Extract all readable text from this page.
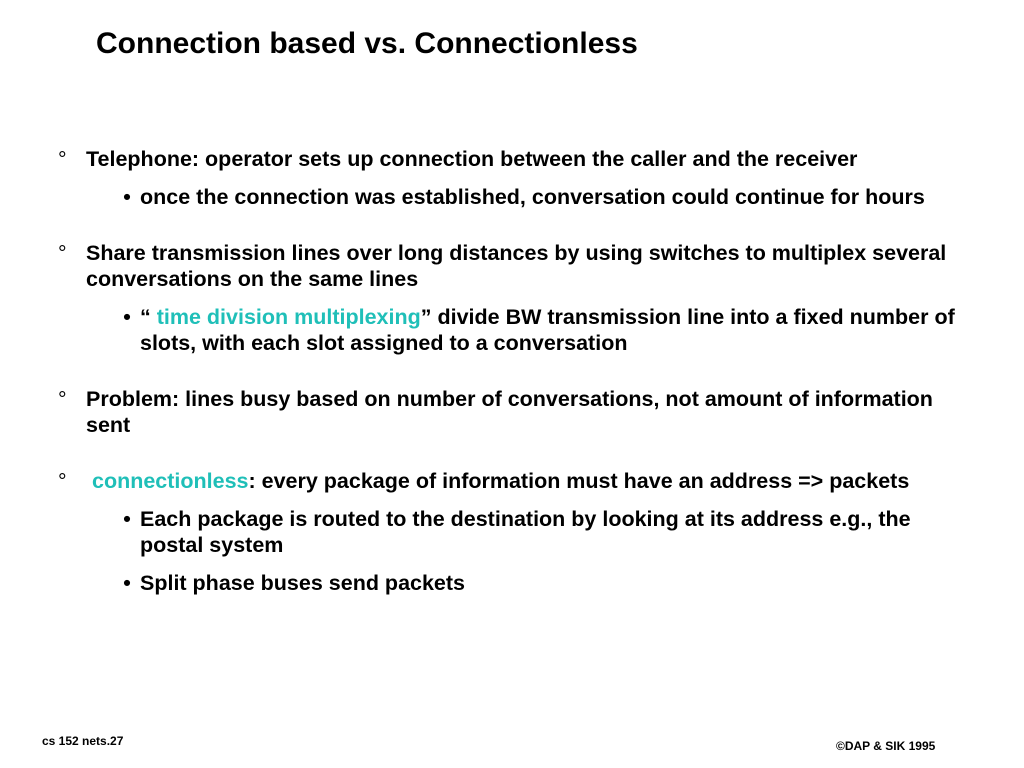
Connection based vs. Connectionless
° Telephone: operator sets up connection between the caller and the receiver
• once the connection was established, conversation could continue for hours
° Share transmission lines over long distances by using switches to multiplex several conversations on the same lines
• “ time division multiplexing” divide BW transmission line into a fixed number of slots, with each slot assigned to a conversation
° Problem: lines busy based on number of conversations, not amount of information sent
°	connectionless: every package of information must have an address => packets
• Each package is routed to the destination by looking at its address e.g., the postal system
• Split phase buses send packets
cs 152 nets.27	©DAP & SIK 1995
